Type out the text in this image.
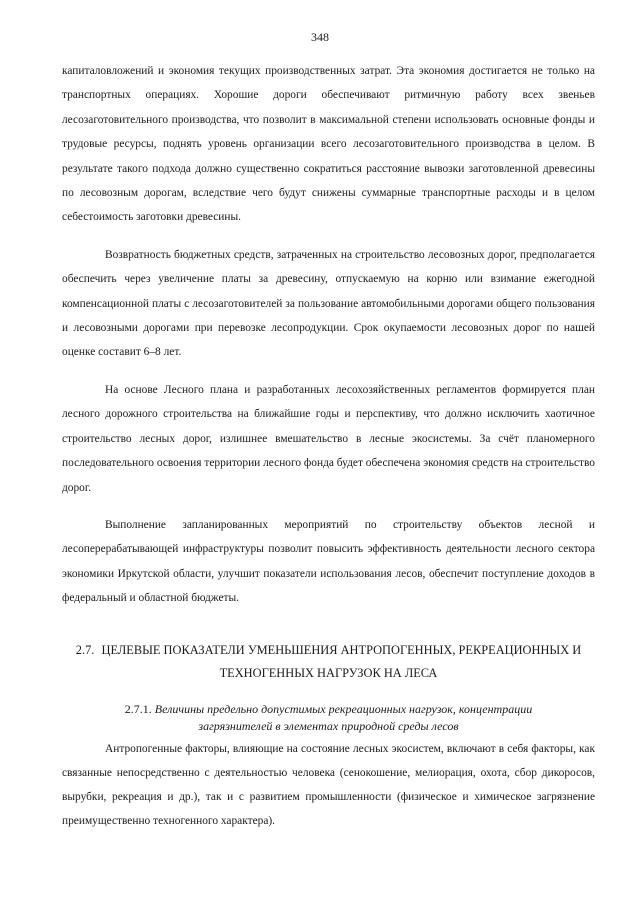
348

капиталовложений и экономия текущих производственных затрат. Эта экономия достигается не только на транспортных операциях. Хорошие дороги обеспечивают ритмичную работу всех звеньев лесозаготовительного производства, что позволит в максимальной степени использовать основные фонды и трудовые ресурсы, поднять уровень организации всего лесозаготовительного производства в целом. В результате такого подхода должно существенно сократиться расстояние вывозки заготовленной древесины по лесовозным дорогам, вследствие чего будут снижены суммарные транспортные расходы и в целом себестоимость заготовки древесины.

Возвратность бюджетных средств, затраченных на строительство лесовозных дорог, предполагается обеспечить через увеличение платы за древесину, отпускаемую на корню или взимание ежегодной компенсационной платы с лесозаготовителей за пользование автомобильными дорогами общего пользования и лесовозными дорогами при перевозке лесопродукции. Срок окупаемости лесовозных дорог по нашей оценке составит 6–8 лет.

На основе Лесного плана и разработанных лесохозяйственных регламентов формируется план лесного дорожного строительства на ближайшие годы и перспективу, что должно исключить хаотичное строительство лесных дорог, излишнее вмешательство в лесные экосистемы. За счёт планомерного последовательного освоения территории лесного фонда будет обеспечена экономия средств на строительство дорог.

Выполнение запланированных мероприятий по строительству объектов лесной и лесоперерабатывающей инфраструктуры позволит повысить эффективность деятельности лесного сектора экономики Иркутской области, улучшит показатели использования лесов, обеспечит поступление доходов в федеральный и областной бюджеты.

2.7. ЦЕЛЕВЫЕ ПОКАЗАТЕЛИ УМЕНЬШЕНИЯ АНТРОПОГЕННЫХ, РЕКРЕАЦИОННЫХ И
ТЕХНОГЕННЫХ НАГРУЗОК НА ЛЕСА
2.7.1. Величины предельно допустимых рекреационных нагрузок, концентрации
загрязнителей в элементах природной среды лесов

Антропогенные факторы, влияющие на состояние лесных экосистем, включают в себя факторы, как связанные непосредственно с деятельностью человека (сенокошение, мелиорация, охота, сбор дикоросов, вырубки, рекреация и др.), так и с развитием промышленности (физическое и химическое загрязнение преимущественно техногенного характера).
